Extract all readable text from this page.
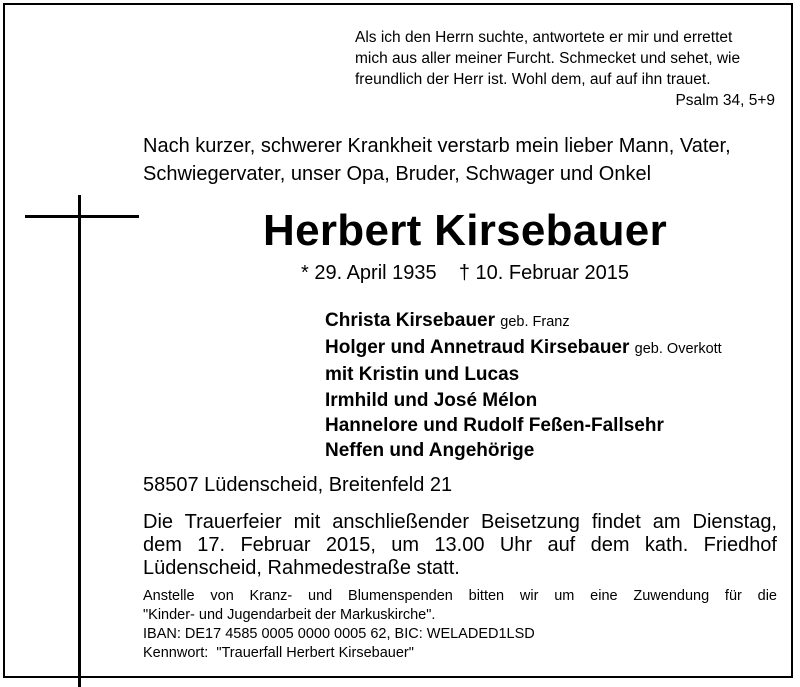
Als ich den Herrn suchte, antwortete er mir und errettet
mich aus aller meiner Furcht. Schmecket und sehet, wie
freundlich der Herr ist. Wohl dem, auf auf ihn trauet.
Psalm 34, 5+9
Nach kurzer, schwerer Krankheit verstarb mein lieber Mann, Vater,
Schwiegervater, unser Opa, Bruder, Schwager und Onkel
Herbert Kirsebauer
* 29. April 1935 † 10. Februar 2015
Christa Kirsebauer geb. Franz
Holger und Annetraud Kirsebauer geb. Overkott
mit Kristin und Lucas
Irmhild und José Mélon
Hannelore und Rudolf Feßen-Fallsehr
Neffen und Angehörige
58507 Lüdenscheid, Breitenfeld 21
Die Trauerfeier mit anschließender Beisetzung findet am Dienstag,
dem 17. Februar 2015, um 13.00 Uhr auf dem kath. Friedhof
Lüdenscheid, Rahmedestraße statt.
Anstelle von Kranz- und Blumenspenden bitten wir um eine Zuwendung für die
"Kinder- und Jugendarbeit der Markuskirche".
IBAN: DE17 4585 0005 0000 0005 62, BIC: WELADED1LSD
Kennwort:  "Trauerfall Herbert Kirsebauer"
